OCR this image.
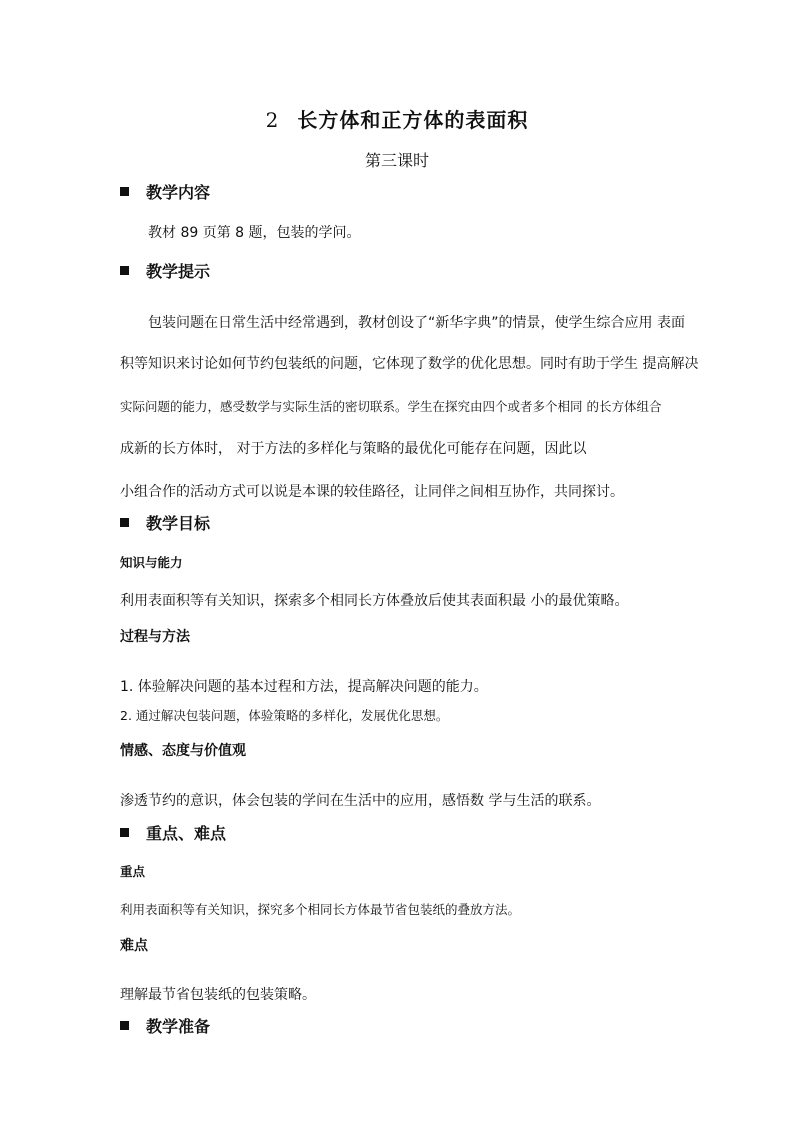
2 长方体和正方体的表面积
第三课时
教学内容
教材 89 页第 8 题，包装的学问。
教学提示
包装问题在日常生活中经常遇到，教材创设了“新华字典”的情景，使学生综合应用 表面
积等知识来讨论如何节约包装纸的问题，它体现了数学的优化思想。同时有助于学生 提高解决
实际问题的能力，感受数学与实际生活的密切联系。学生在探究由四个或者多个相同 的长方体组合
成新的长方体时， 对于方法的多样化与策略的最优化可能存在问题，因此以
小组合作的活动方式可以说是本课的较佳路径，让同伴之间相互协作，共同探讨。
教学目标
知识与能力
利用表面积等有关知识，探索多个相同长方体叠放后使其表面积最 小的最优策略。
过程与方法
1. 体验解决问题的基本过程和方法，提高解决问题的能力。
2. 通过解决包装问题，体验策略的多样化，发展优化思想。
情感、态度与价值观
渗透节约的意识，体会包装的学问在生活中的应用，感悟数 学与生活的联系。
重点、难点
重点
利用表面积等有关知识，探究多个相同长方体最节省包装纸的叠放方法。
难点
理解最节省包装纸的包装策略。
教学准备
